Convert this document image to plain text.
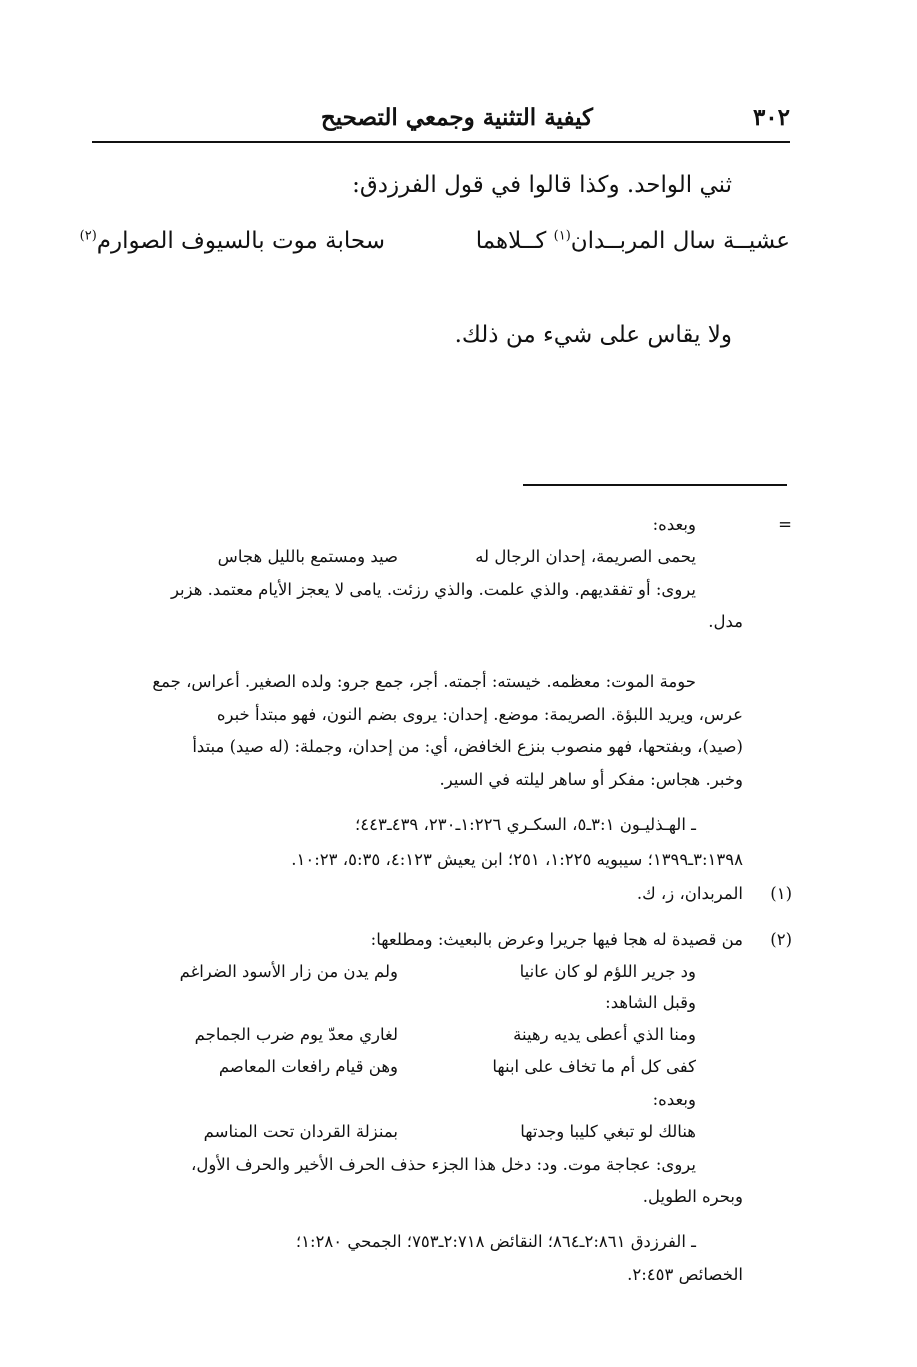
٣٠٢
كيفية التثنية وجمعي التصحيح
ثني الواحد. وكذا قالوا في قول الفرزدق:
عشيــة سال المربــدان$^{(١)}$ كــلاهما
سحابة موت بالسيوف الصوارم$^{(٢)}$
ولا يقاس على شيء من ذلك.
=
وبعده:
يحمى الصريمة، إحدان الرجال له
صيد ومستمع بالليل هجاس
يروى: أو تفقديهم. والذي علمت. والذي رزئت. يامى لا يعجز الأيام معتمد. هزبر
مدل.
حومة الموت: معظمه. خيسته: أجمته. أجر، جمع جرو: ولده الصغير. أعراس، جمع
عرس، ويريد اللبؤة. الصريمة: موضع. إحدان: يروى بضم النون، فهو مبتدأ خبره
(صيد)، وبفتحها، فهو منصوب بنزع الخافض، أي: من إحدان، وجملة: (له صيد) مبتدأ
وخبر. هجاس: مفكر أو ساهر ليلته في السير.
ـ الهـذليـون ٣:١ـ٥، السكـري ١:٢٢٦ـ٢٣٠، ٤٣٩ـ٤٤٣؛
٣:١٣٩٨ـ١٣٩٩؛ سيبويه ١:٢٢٥، ٢٥١؛ ابن يعيش ٤:١٢٣، ٥:٣٥، ١٠:٢٣.
(١)
المربدان، ز، ك.
(٢)
من قصيدة له هجا فيها جريرا وعرض بالبعيث: ومطلعها:
ود جرير اللؤم لو كان عانيا
ولم يدن من زار الأسود الضراغم
وقبل الشاهد:
ومنا الذي أعطى يديه رهينة
لغاري معدّ يوم ضرب الجماجم
كفى كل أم ما تخاف على ابنها
وهن قيام رافعات المعاصم
وبعده:
هنالك لو تبغي كليبا وجدتها
بمنزلة القردان تحت المناسم
يروى: عجاجة موت. ود: دخل هذا الجزء حذف الحرف الأخير والحرف الأول،
وبحره الطويل.
ـ الفرزدق ٢:٨٦١ـ٨٦٤؛ النقائض ٢:٧١٨ـ٧٥٣؛ الجمحي ١:٢٨٠؛
الخصائص ٢:٤٥٣.
